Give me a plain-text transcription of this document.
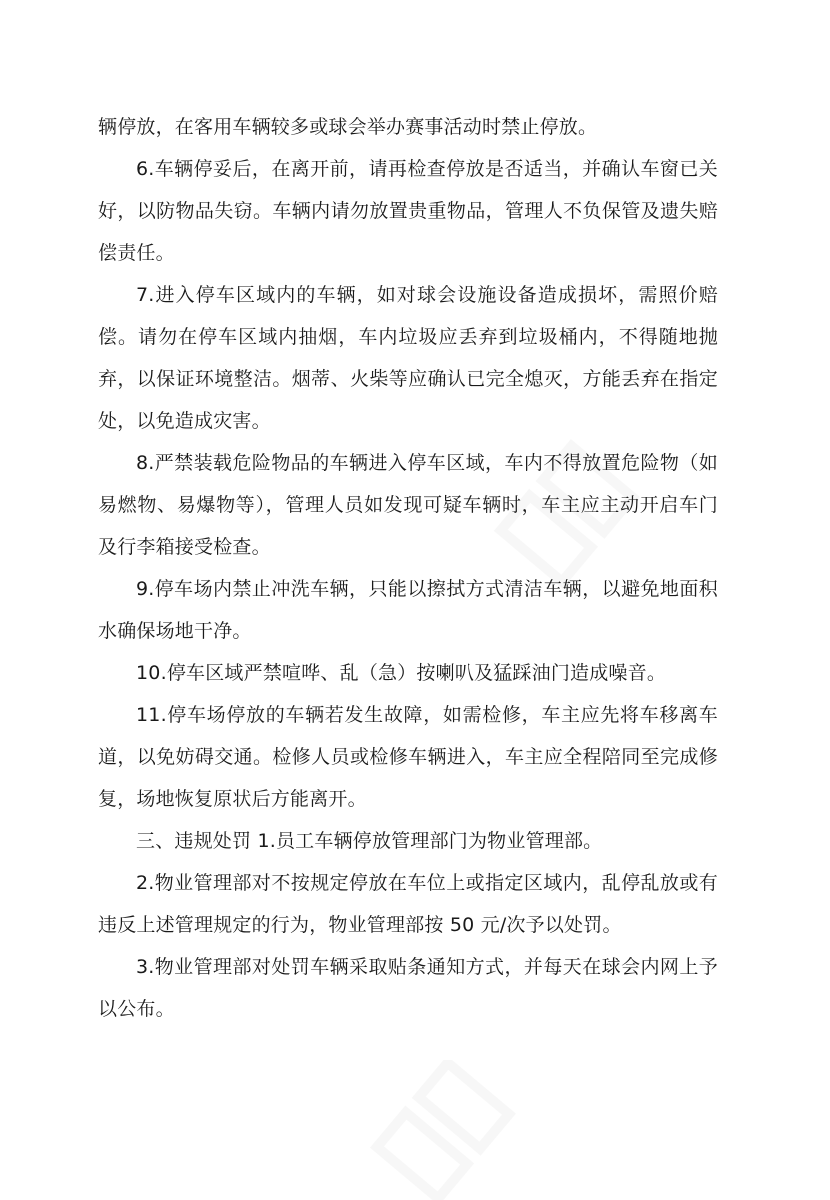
辆停放，在客用车辆较多或球会举办赛事活动时禁止停放。

6.车辆停妥后，在离开前，请再检查停放是否适当，并确认车窗已关好，以防物品失窃。车辆内请勿放置贵重物品，管理人不负保管及遗失赔偿责任。

7.进入停车区域内的车辆，如对球会设施设备造成损坏，需照价赔偿。请勿在停车区域内抽烟，车内垃圾应丢弃到垃圾桶内，不得随地抛弃，以保证环境整洁。烟蒂、火柴等应确认已完全熄灭，方能丢弃在指定处，以免造成灾害。

8.严禁装载危险物品的车辆进入停车区域，车内不得放置危险物（如易燃物、易爆物等），管理人员如发现可疑车辆时，车主应主动开启车门及行李箱接受检查。

9.停车场内禁止冲洗车辆，只能以擦拭方式清洁车辆，以避免地面积水确保场地干净。

10.停车区域严禁喧哗、乱（急）按喇叭及猛踩油门造成噪音。

11.停车场停放的车辆若发生故障，如需检修，车主应先将车移离车道，以免妨碍交通。检修人员或检修车辆进入，车主应全程陪同至完成修复，场地恢复原状后方能离开。

三、违规处罚 1.员工车辆停放管理部门为物业管理部。

2.物业管理部对不按规定停放在车位上或指定区域内，乱停乱放或有违反上述管理规定的行为，物业管理部按 50 元/次予以处罚。

3.物业管理部对处罚车辆采取贴条通知方式，并每天在球会内网上予以公布。
